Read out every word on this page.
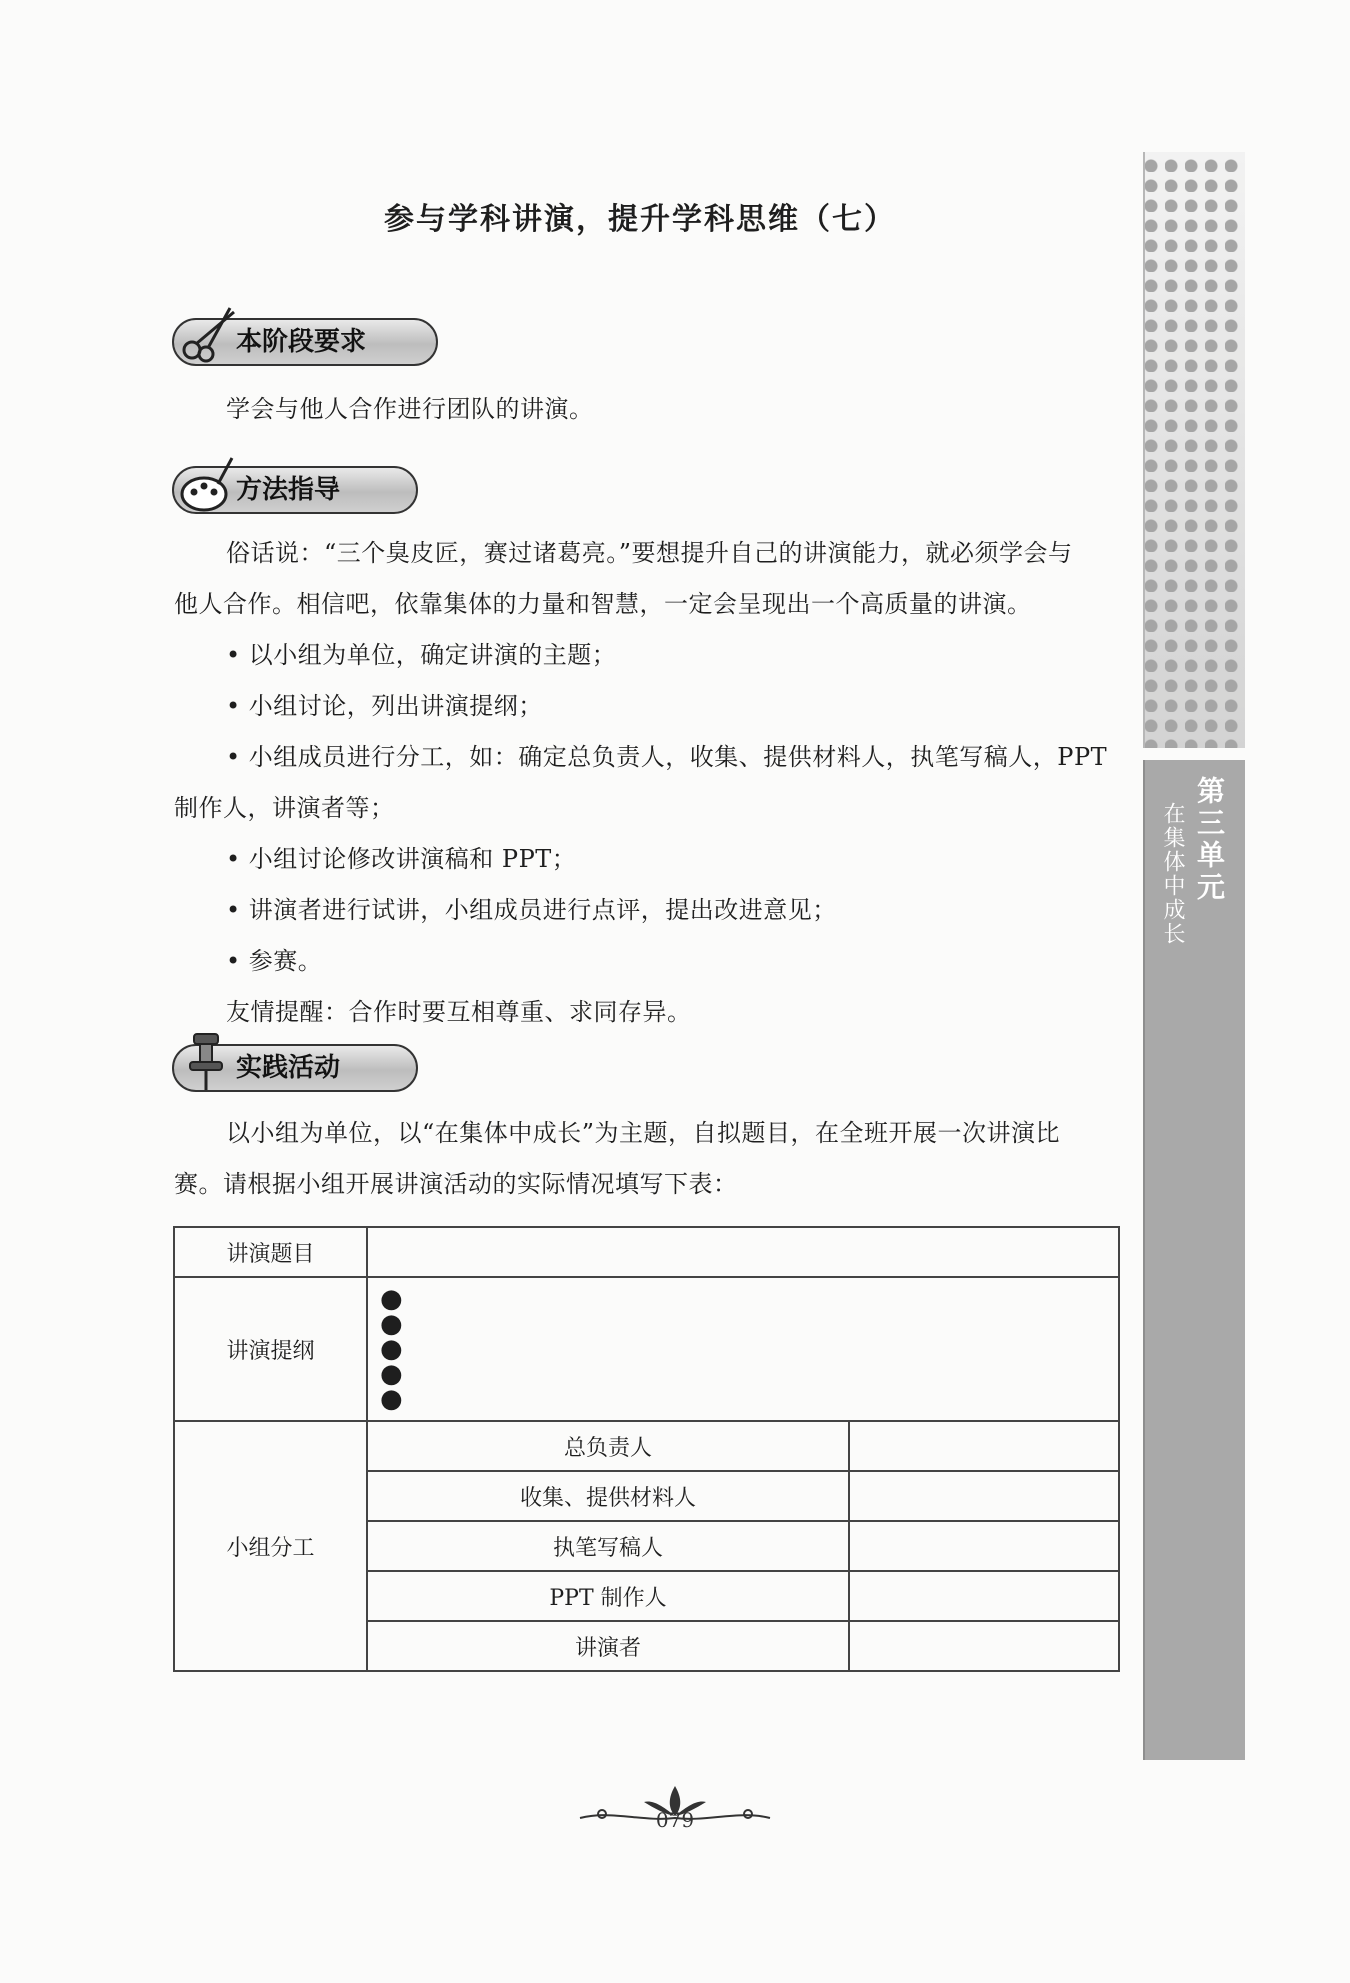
第三单元
在集体中成长
参与学科讲演，提升学科思维（七）
本阶段要求
学会与他人合作进行团队的讲演。
方法指导
俗话说：“三个臭皮匠，赛过诸葛亮。”要想提升自己的讲演能力，就必须学会与
他人合作。相信吧，依靠集体的力量和智慧，一定会呈现出一个高质量的讲演。
• 以小组为单位，确定讲演的主题；
• 小组讨论，列出讲演提纲；
• 小组成员进行分工，如：确定总负责人，收集、提供材料人，执笔写稿人，PPT
制作人，讲演者等；
• 小组讨论修改讲演稿和 PPT；
• 讲演者进行试讲，小组成员进行点评，提出改进意见；
• 参赛。
友情提醒：合作时要互相尊重、求同存异。
实践活动
以小组为单位，以“在集体中成长”为主题，自拟题目，在全班开展一次讲演比
赛。请根据小组开展讲演活动的实际情况填写下表：
讲演题目		
讲演提纲	●
●
●
●
●	

小组分工	总负责人	
	收集、提供材料人	
	执笔写稿人	
	PPT 制作人	
	讲演者	
079
